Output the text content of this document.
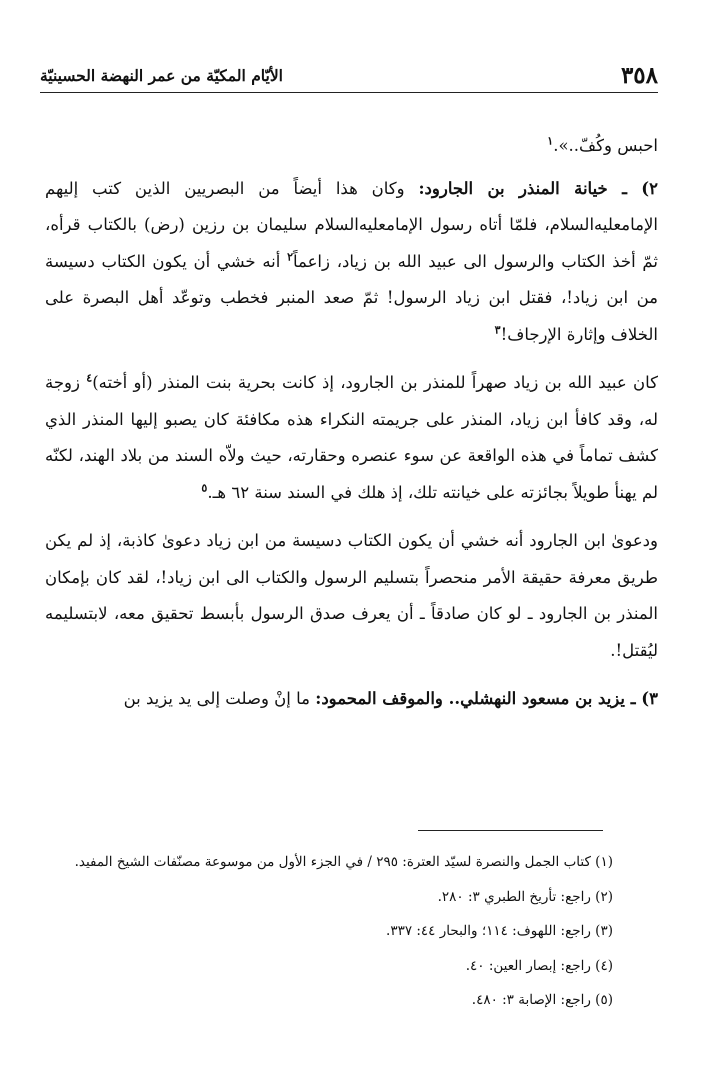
٣٥٨
الأيّام المكيّة من عمر النهضة الحسينيّة

احبس وكُفّ..».$^١$

٢) ـ خيانة المنذر بن الجارود: وكان هذا أيضاً من البصريين الذين كتب إليهم الإمامعليه‌السلام، فلمّا أتاه رسول الإمامعليه‌السلام سليمان بن رزين (رض) بالكتاب قرأه، ثمّ أخذ الكتاب والرسول الى عبيد الله بن زياد، زاعماً$^٢$ أنه خشي أن يكون الكتاب دسيسة من ابن زياد!، فقتل ابن زياد الرسول! ثمّ صعد المنبر فخطب وتوعّد أهل البصرة على الخلاف وإثارة الإرجاف!$^٣$

كان عبيد الله بن زياد صهراً للمنذر بن الجارود، إذ كانت بحرية بنت المنذر (أو أخته)$^٤$ زوجة له، وقد كافأ ابن زياد، المنذر على جريمته النكراء هذه مكافئة كان يصبو إليها المنذر الذي كشف تماماً في هذه الواقعة عن سوء عنصره وحقارته، حيث ولاّه السند من بلاد الهند، لكنّه لم يهنأ طويلاً بجائزته على خيانته تلك، إذ هلك في السند سنة ٦٢ هـ.$^٥$

ودعوىٰ ابن الجارود أنه خشي أن يكون الكتاب دسيسة من ابن زياد دعوىٰ كاذبة، إذ لم يكن طريق معرفة حقيقة الأمر منحصراً بتسليم الرسول والكتاب الى ابن زياد!، لقد كان بإمكان المنذر بن الجارود ـ لو كان صادقاً ـ أن يعرف صدق الرسول بأبسط تحقيق معه، لابتسليمه ليُقتل!.

٣) ـ يزيد بن مسعود النهشلي.. والموقف المحمود: ما إنْ وصلت إلى يد يزيد بن

(١) كتاب الجمل والنصرة لسيّد العترة: ٢٩٥ / في الجزء الأول من موسوعة مصنّفات الشيخ المفيد.
(٢) راجع: تأريخ الطبري ٣: ٢٨٠.
(٣) راجع: اللهوف: ١١٤؛ والبحار ٤٤: ٣٣٧.
(٤) راجع: إبصار العين: ٤٠.
(٥) راجع: الإصابة ٣: ٤٨٠.
